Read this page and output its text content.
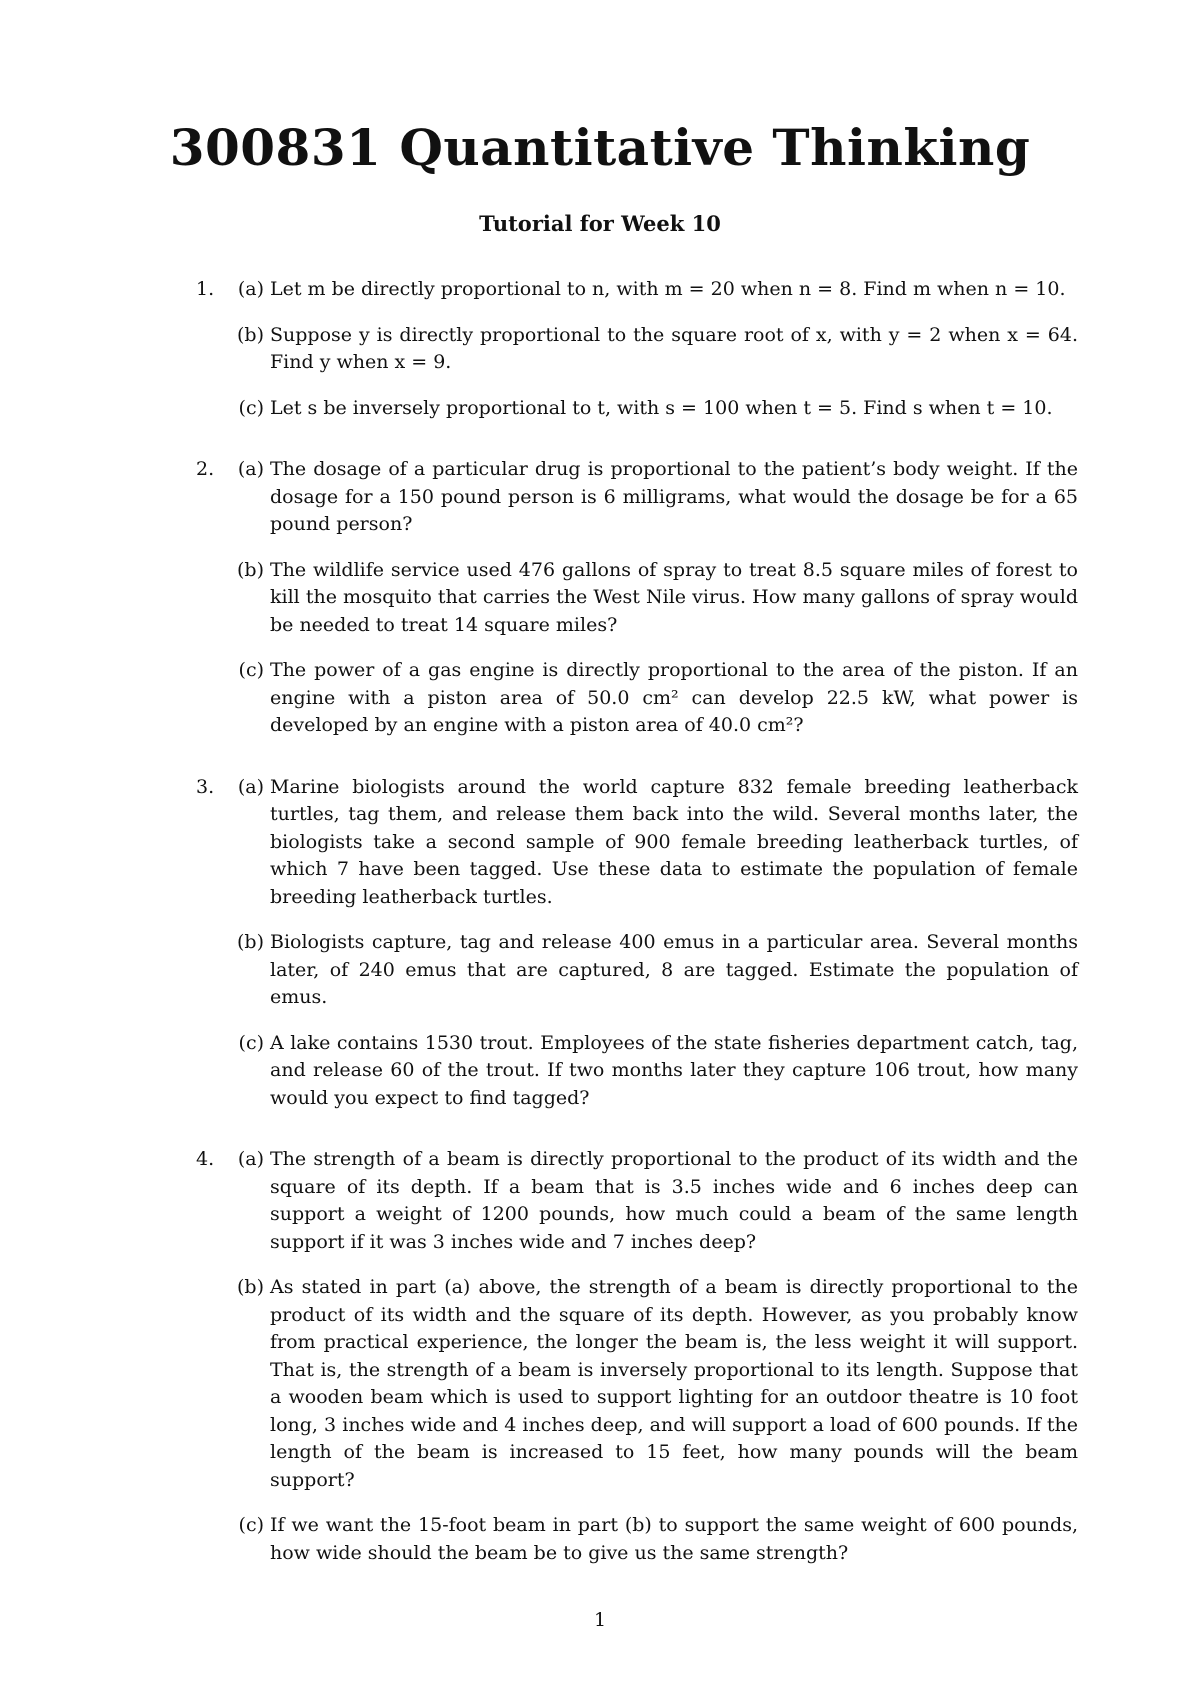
300831 Quantitative Thinking
Tutorial for Week 10
1.	(a) Let m be directly proportional to n, with m = 20 when n = 8. Find m when n = 10.
(b) Suppose y is directly proportional to the square root of x, with y = 2 when x = 64. Find y when x = 9.
(c) Let s be inversely proportional to t, with s = 100 when t = 5. Find s when t = 10.
2.	(a) The dosage of a particular drug is proportional to the patient’s body weight. If the dosage for a 150 pound person is 6 milligrams, what would the dosage be for a 65 pound person?
(b) The wildlife service used 476 gallons of spray to treat 8.5 square miles of forest to kill the mosquito that carries the West Nile virus. How many gallons of spray would be needed to treat 14 square miles?
(c) The power of a gas engine is directly proportional to the area of the piston. If an engine with a piston area of 50.0 cm² can develop 22.5 kW, what power is developed by an engine with a piston area of 40.0 cm²?
3.	(a) Marine biologists around the world capture 832 female breeding leatherback turtles, tag them, and release them back into the wild. Several months later, the biologists take a second sample of 900 female breeding leatherback turtles, of which 7 have been tagged. Use these data to estimate the population of female breeding leatherback turtles.
(b) Biologists capture, tag and release 400 emus in a particular area. Several months later, of 240 emus that are captured, 8 are tagged. Estimate the population of emus.
(c) A lake contains 1530 trout. Employees of the state fisheries department catch, tag, and release 60 of the trout. If two months later they capture 106 trout, how many would you expect to find tagged?
4.	(a) The strength of a beam is directly proportional to the product of its width and the square of its depth. If a beam that is 3.5 inches wide and 6 inches deep can support a weight of 1200 pounds, how much could a beam of the same length support if it was 3 inches wide and 7 inches deep?
(b) As stated in part (a) above, the strength of a beam is directly proportional to the product of its width and the square of its depth. However, as you probably know from practical experience, the longer the beam is, the less weight it will support. That is, the strength of a beam is inversely proportional to its length. Suppose that a wooden beam which is used to support lighting for an outdoor theatre is 10 foot long, 3 inches wide and 4 inches deep, and will support a load of 600 pounds. If the length of the beam is increased to 15 feet, how many pounds will the beam support?
(c) If we want the 15-foot beam in part (b) to support the same weight of 600 pounds, how wide should the beam be to give us the same strength?
1
